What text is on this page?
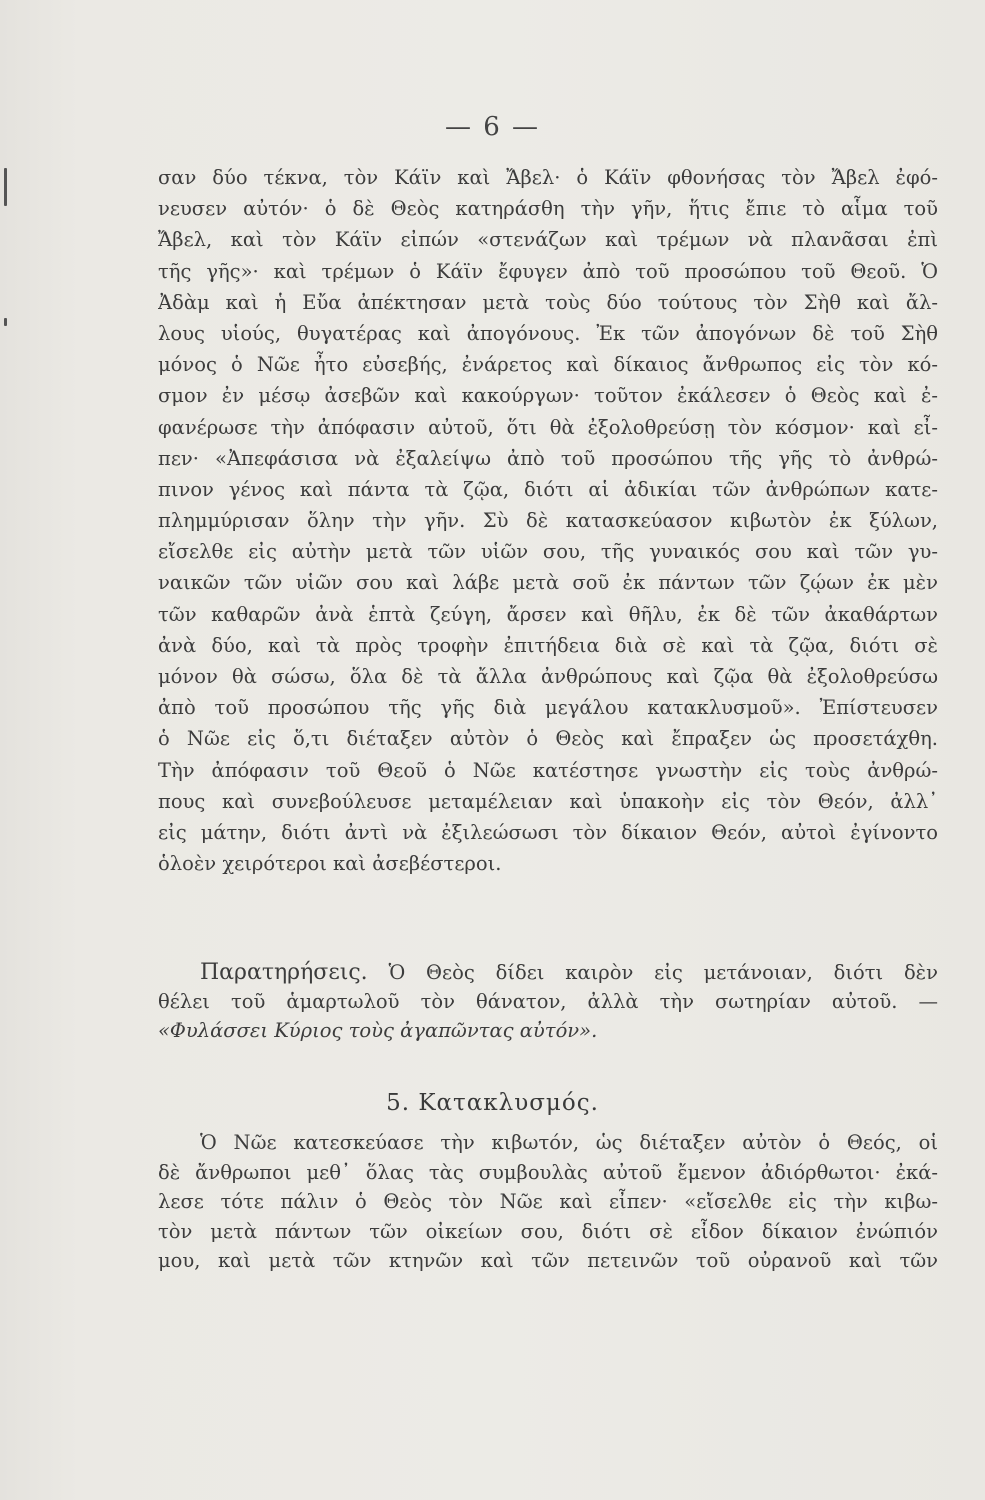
— 6 —
σαν δύο τέκνα, τὸν Κάϊν καὶ Ἄβελ· ὁ Κάϊν φθονήσας τὸν Ἄβελ ἐφό-
νευσεν αὐτόν· ὁ δὲ Θεὸς κατηράσθη τὴν γῆν, ἥτις ἔπιε τὸ αἷμα τοῦ
Ἄβελ, καὶ τὸν Κάϊν εἰπών «στενάζων καὶ τρέμων νὰ πλανᾶσαι ἐπὶ
τῆς γῆς»· καὶ τρέμων ὁ Κάϊν ἔφυγεν ἀπὸ τοῦ προσώπου τοῦ Θεοῦ. Ὁ
Ἀδὰμ καὶ ἡ Εὔα ἀπέκτησαν μετὰ τοὺς δύο τούτους τὸν Σὴθ καὶ ἄλ-
λους υἱούς, θυγατέρας καὶ ἀπογόνους. Ἐκ τῶν ἀπογόνων δὲ τοῦ Σὴθ
μόνος ὁ Νῶε ἦτο εὐσεβής, ἐνάρετος καὶ δίκαιος ἄνθρωπος εἰς τὸν κό-
σμον ἐν μέσῳ ἀσεβῶν καὶ κακούργων· τοῦτον ἐκάλεσεν ὁ Θεὸς καὶ ἐ-
φανέρωσε τὴν ἀπόφασιν αὐτοῦ, ὅτι θὰ ἐξολοθρεύσῃ τὸν κόσμον· καὶ εἶ-
πεν· «Ἀπεφάσισα νὰ ἐξαλείψω ἀπὸ τοῦ προσώπου τῆς γῆς τὸ ἀνθρώ-
πινον γένος καὶ πάντα τὰ ζῷα, διότι αἱ ἀδικίαι τῶν ἀνθρώπων κατε-
πλημμύρισαν ὅλην τὴν γῆν. Σὺ δὲ κατασκεύασον κιβωτὸν ἐκ ξύλων,
εἴσελθε εἰς αὐτὴν μετὰ τῶν υἱῶν σου, τῆς γυναικός σου καὶ τῶν γυ-
ναικῶν τῶν υἱῶν σου καὶ λάβε μετὰ σοῦ ἐκ πάντων τῶν ζῴων ἐκ μὲν
τῶν καθαρῶν ἀνὰ ἑπτὰ ζεύγη, ἄρσεν καὶ θῆλυ, ἐκ δὲ τῶν ἀκαθάρτων
ἀνὰ δύο, καὶ τὰ πρὸς τροφὴν ἐπιτήδεια διὰ σὲ καὶ τὰ ζῷα, διότι σὲ
μόνον θὰ σώσω, ὅλα δὲ τὰ ἄλλα ἀνθρώπους καὶ ζῷα θὰ ἐξολοθρεύσω
ἀπὸ τοῦ προσώπου τῆς γῆς διὰ μεγάλου κατακλυσμοῦ». Ἐπίστευσεν
ὁ Νῶε εἰς ὅ,τι διέταξεν αὐτὸν ὁ Θεὸς καὶ ἔπραξεν ὡς προσετάχθη.
Τὴν ἀπόφασιν τοῦ Θεοῦ ὁ Νῶε κατέστησε γνωστὴν εἰς τοὺς ἀνθρώ-
πους καὶ συνεβούλευσε μεταμέλειαν καὶ ὑπακοὴν εἰς τὸν Θεόν, ἀλλ᾿
εἰς μάτην, διότι ἀντὶ νὰ ἐξιλεώσωσι τὸν δίκαιον Θεόν, αὐτοὶ ἐγίνοντο
ὁλοὲν χειρότεροι καὶ ἀσεβέστεροι.
Παρατηρήσεις. Ὁ Θεὸς δίδει καιρὸν εἰς μετάνοιαν, διότι δὲν
θέλει τοῦ ἁμαρτωλοῦ τὸν θάνατον, ἀλλὰ τὴν σωτηρίαν αὐτοῦ. —
«Φυλάσσει Κύριος τοὺς ἀγαπῶντας αὐτόν».
5. Κατακλυσμός.
Ὁ Νῶε κατεσκεύασε τὴν κιβωτόν, ὡς διέταξεν αὐτὸν ὁ Θεός, οἱ
δὲ ἄνθρωποι μεθ᾿ ὅλας τὰς συμβουλὰς αὐτοῦ ἔμενον ἀδιόρθωτοι· ἐκά-
λεσε τότε πάλιν ὁ Θεὸς τὸν Νῶε καὶ εἶπεν· «εἴσελθε εἰς τὴν κιβω-
τὸν μετὰ πάντων τῶν οἰκείων σου, διότι σὲ εἶδον δίκαιον ἐνώπιόν
μου, καὶ μετὰ τῶν κτηνῶν καὶ τῶν πετεινῶν τοῦ οὐρανοῦ καὶ τῶν
